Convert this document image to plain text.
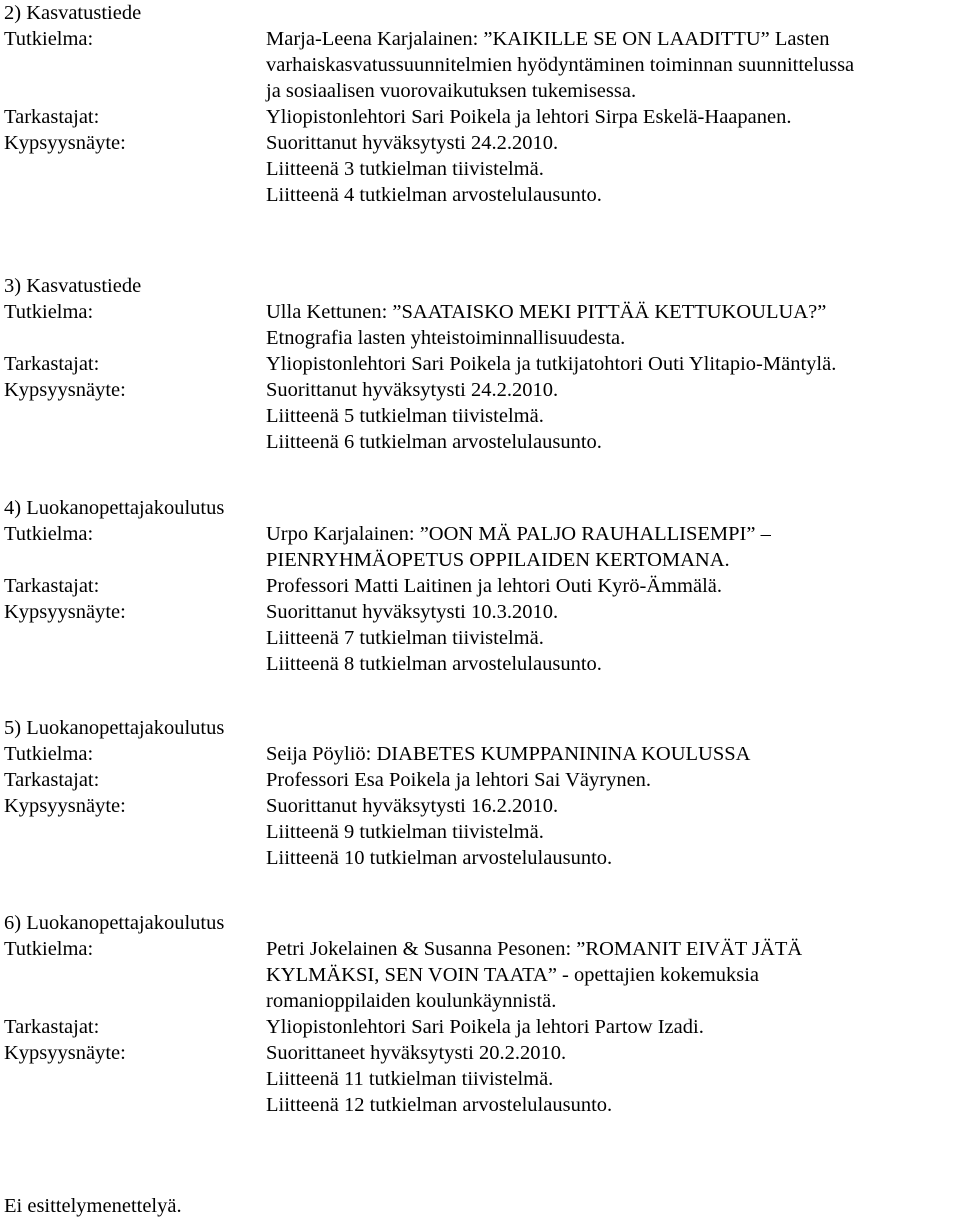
2) Kasvatustiede
Tutkielma:	Marja-Leena Karjalainen: ”KAIKILLE SE ON LAADITTU” Lasten
varhaiskasvatussuunnitelmien hyödyntäminen toiminnan suunnittelussa
ja sosiaalisen vuorovaikutuksen tukemisessa.
Tarkastajat:	Yliopistonlehtori Sari Poikela ja lehtori Sirpa Eskelä-Haapanen.
Kypsyysnäyte:	Suorittanut hyväksytysti 24.2.2010.
Liitteenä 3 tutkielman tiivistelmä.
Liitteenä 4 tutkielman arvostelulausunto.
3) Kasvatustiede
Tutkielma:	Ulla Kettunen: ”SAATAISKO MEKI PITTÄÄ KETTUKOULUA?”
Etnografia lasten yhteistoiminnallisuudesta.
Tarkastajat:	Yliopistonlehtori Sari Poikela ja tutkijatohtori Outi Ylitapio-Mäntylä.
Kypsyysnäyte:	Suorittanut hyväksytysti 24.2.2010.
Liitteenä 5 tutkielman tiivistelmä.
Liitteenä 6 tutkielman arvostelulausunto.
4) Luokanopettajakoulutus
Tutkielma:	Urpo Karjalainen: ”OON MÄ PALJO RAUHALLISEMPI” –
PIENRYHMÄOPETUS OPPILAIDEN KERTOMANA.
Tarkastajat:	Professori Matti Laitinen ja lehtori Outi Kyrö-Ämmälä.
Kypsyysnäyte:	Suorittanut hyväksytysti 10.3.2010.
Liitteenä 7 tutkielman tiivistelmä.
Liitteenä 8 tutkielman arvostelulausunto.
5) Luokanopettajakoulutus
Tutkielma:	Seija Pöyliö: DIABETES KUMPPANININA KOULUSSA
Tarkastajat:	Professori Esa Poikela ja lehtori Sai Väyrynen.
Kypsyysnäyte:	Suorittanut hyväksytysti 16.2.2010.
Liitteenä 9 tutkielman tiivistelmä.
Liitteenä 10 tutkielman arvostelulausunto.
6) Luokanopettajakoulutus
Tutkielma:	Petri Jokelainen & Susanna Pesonen: ”ROMANIT EIVÄT JÄTÄ
KYLMÄKSI, SEN VOIN TAATA” - opettajien kokemuksia
romanioppilaiden koulunkäynnistä.
Tarkastajat:	Yliopistonlehtori Sari Poikela ja lehtori Partow Izadi.
Kypsyysnäyte:	Suorittaneet hyväksytysti 20.2.2010.
Liitteenä 11 tutkielman tiivistelmä.
Liitteenä 12 tutkielman arvostelulausunto.
Ei esittelymenettelyä.
